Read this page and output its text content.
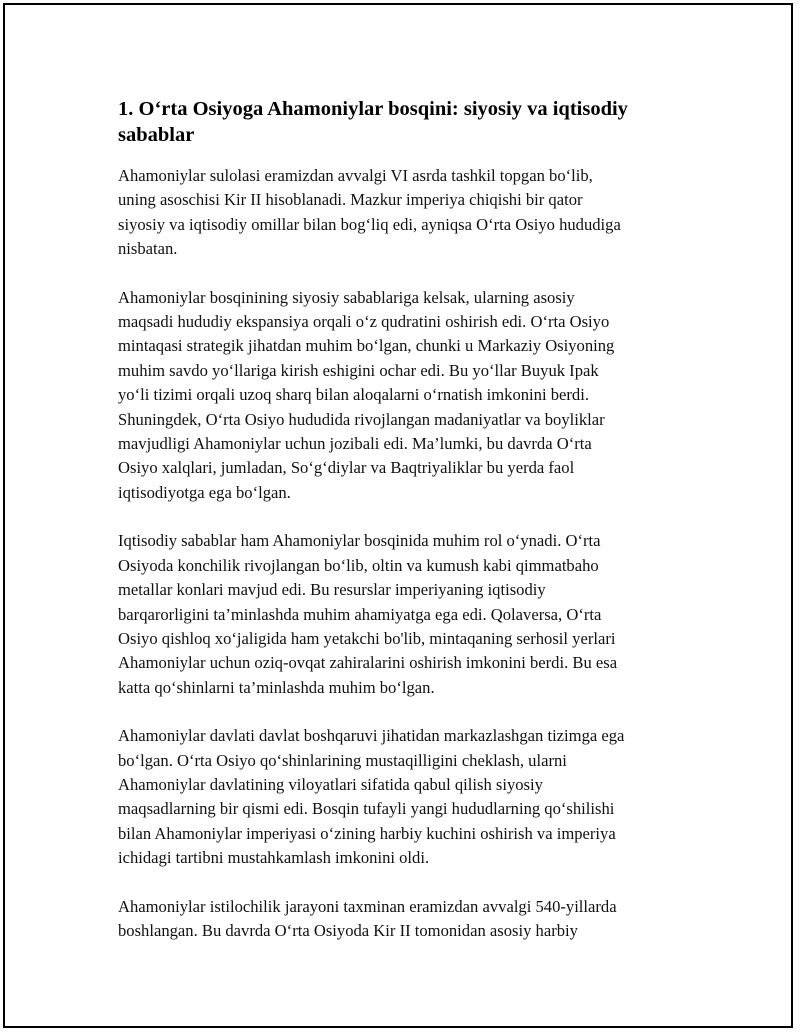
1. O‘rta Osiyoga Ahamoniylar bosqini: siyosiy va iqtisodiy
sabablar

Ahamoniylar sulolasi eramizdan avvalgi VI asrda tashkil topgan bo‘lib,
uning asoschisi Kir II hisoblanadi. Mazkur imperiya chiqishi bir qator
siyosiy va iqtisodiy omillar bilan bog‘liq edi, ayniqsa O‘rta Osiyo hududiga
nisbatan.

Ahamoniylar bosqinining siyosiy sabablariga kelsak, ularning asosiy
maqsadi hududiy ekspansiya orqali o‘z qudratini oshirish edi. O‘rta Osiyo
mintaqasi strategik jihatdan muhim bo‘lgan, chunki u Markaziy Osiyoning
muhim savdo yo‘llariga kirish eshigini ochar edi. Bu yo‘llar Buyuk Ipak
yo‘li tizimi orqali uzoq sharq bilan aloqalarni o‘rnatish imkonini berdi.
Shuningdek, O‘rta Osiyo hududida rivojlangan madaniyatlar va boyliklar
mavjudligi Ahamoniylar uchun jozibali edi. Ma’lumki, bu davrda O‘rta
Osiyo xalqlari, jumladan, So‘g‘diylar va Baqtriyaliklar bu yerda faol
iqtisodiyotga ega bo‘lgan.

Iqtisodiy sabablar ham Ahamoniylar bosqinida muhim rol o‘ynadi. O‘rta
Osiyoda konchilik rivojlangan bo‘lib, oltin va kumush kabi qimmatbaho
metallar konlari mavjud edi. Bu resurslar imperiyaning iqtisodiy
barqarorligini ta’minlashda muhim ahamiyatga ega edi. Qolaversa, O‘rta
Osiyo qishloq xo‘jaligida ham yetakchi bo'lib, mintaqaning serhosil yerlari
Ahamoniylar uchun oziq-ovqat zahiralarini oshirish imkonini berdi. Bu esa
katta qo‘shinlarni ta’minlashda muhim bo‘lgan.

Ahamoniylar davlati davlat boshqaruvi jihatidan markazlashgan tizimga ega
bo‘lgan. O‘rta Osiyo qo‘shinlarining mustaqilligini cheklash, ularni
Ahamoniylar davlatining viloyatlari sifatida qabul qilish siyosiy
maqsadlarning bir qismi edi. Bosqin tufayli yangi hududlarning qo‘shilishi
bilan Ahamoniylar imperiyasi o‘zining harbiy kuchini oshirish va imperiya
ichidagi tartibni mustahkamlash imkonini oldi.

Ahamoniylar istilochilik jarayoni taxminan eramizdan avvalgi 540-yillarda
boshlangan. Bu davrda O‘rta Osiyoda Kir II tomonidan asosiy harbiy
